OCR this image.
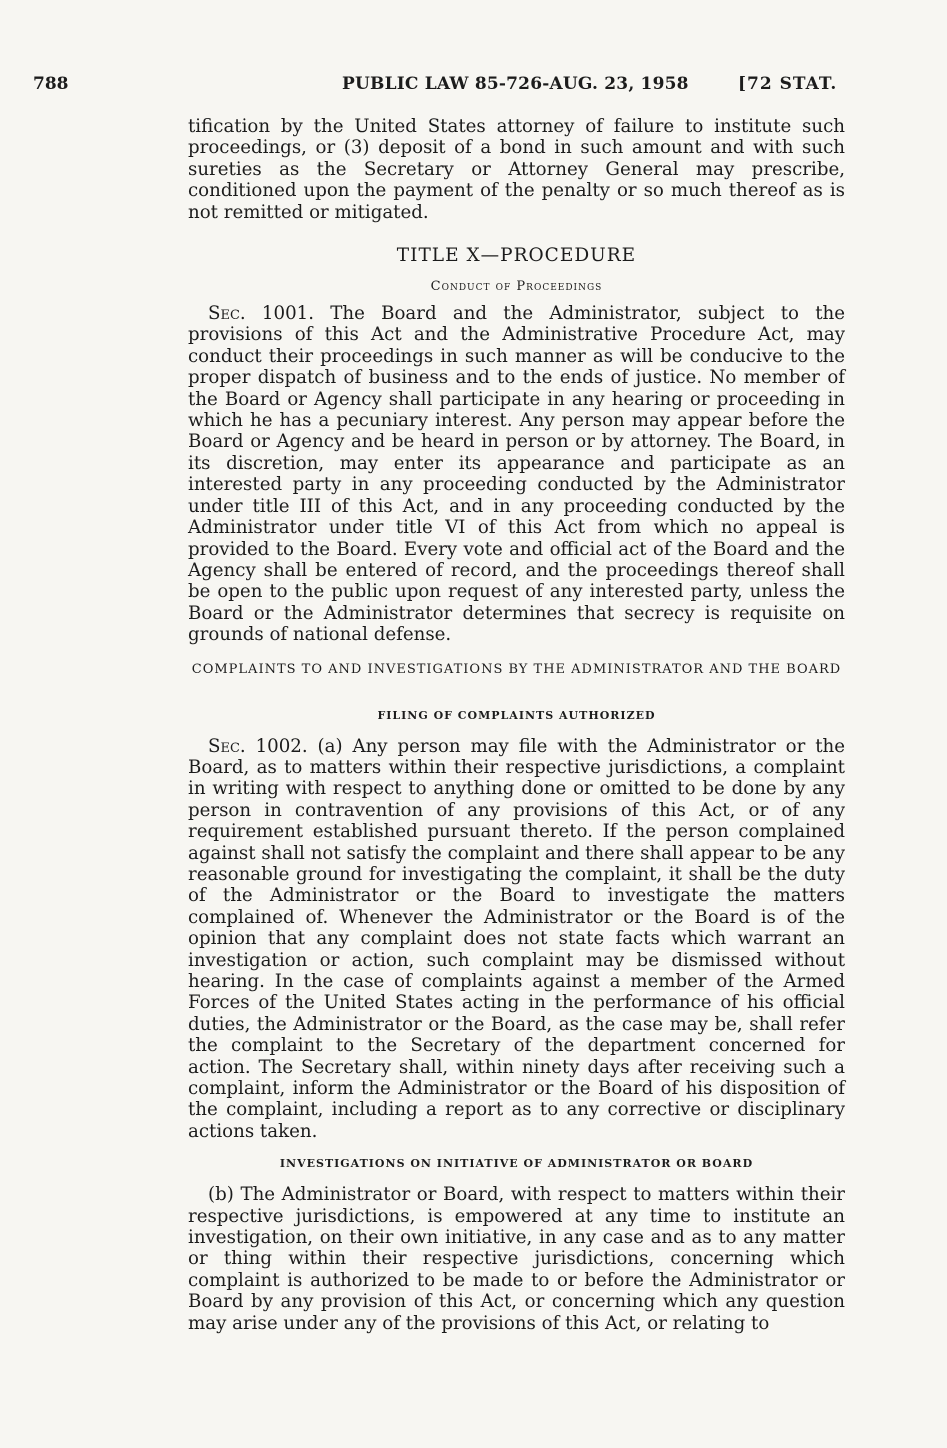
788	PUBLIC LAW 85-726-AUG. 23, 1958	[72 STAT.

tification by the United States attorney of failure to institute such proceedings, or (3) deposit of a bond in such amount and with such sureties as the Secretary or Attorney General may prescribe, conditioned upon the payment of the penalty or so much thereof as is not remitted or mitigated.

TITLE X—PROCEDURE
Conduct of Proceedings

Sec. 1001. The Board and the Administrator, subject to the provisions of this Act and the Administrative Procedure Act, may conduct their proceedings in such manner as will be conducive to the proper dispatch of business and to the ends of justice. No member of the Board or Agency shall participate in any hearing or proceeding in which he has a pecuniary interest. Any person may appear before the Board or Agency and be heard in person or by attorney. The Board, in its discretion, may enter its appearance and participate as an interested party in any proceeding conducted by the Administrator under title III of this Act, and in any proceeding conducted by the Administrator under title VI of this Act from which no appeal is provided to the Board. Every vote and official act of the Board and the Agency shall be entered of record, and the proceedings thereof shall be open to the public upon request of any interested party, unless the Board or the Administrator determines that secrecy is requisite on grounds of national defense.

COMPLAINTS TO AND INVESTIGATIONS BY THE ADMINISTRATOR AND THE BOARD
FILING OF COMPLAINTS AUTHORIZED

Sec. 1002. (a) Any person may file with the Administrator or the Board, as to matters within their respective jurisdictions, a complaint in writing with respect to anything done or omitted to be done by any person in contravention of any provisions of this Act, or of any requirement established pursuant thereto. If the person complained against shall not satisfy the complaint and there shall appear to be any reasonable ground for investigating the complaint, it shall be the duty of the Administrator or the Board to investigate the matters complained of. Whenever the Administrator or the Board is of the opinion that any complaint does not state facts which warrant an investigation or action, such complaint may be dismissed without hearing. In the case of complaints against a member of the Armed Forces of the United States acting in the performance of his official duties, the Administrator or the Board, as the case may be, shall refer the complaint to the Secretary of the department concerned for action. The Secretary shall, within ninety days after receiving such a complaint, inform the Administrator or the Board of his disposition of the complaint, including a report as to any corrective or disciplinary actions taken.

INVESTIGATIONS ON INITIATIVE OF ADMINISTRATOR OR BOARD

(b) The Administrator or Board, with respect to matters within their respective jurisdictions, is empowered at any time to institute an investigation, on their own initiative, in any case and as to any matter or thing within their respective jurisdictions, concerning which complaint is authorized to be made to or before the Administrator or Board by any provision of this Act, or concerning which any question may arise under any of the provisions of this Act, or relating to
